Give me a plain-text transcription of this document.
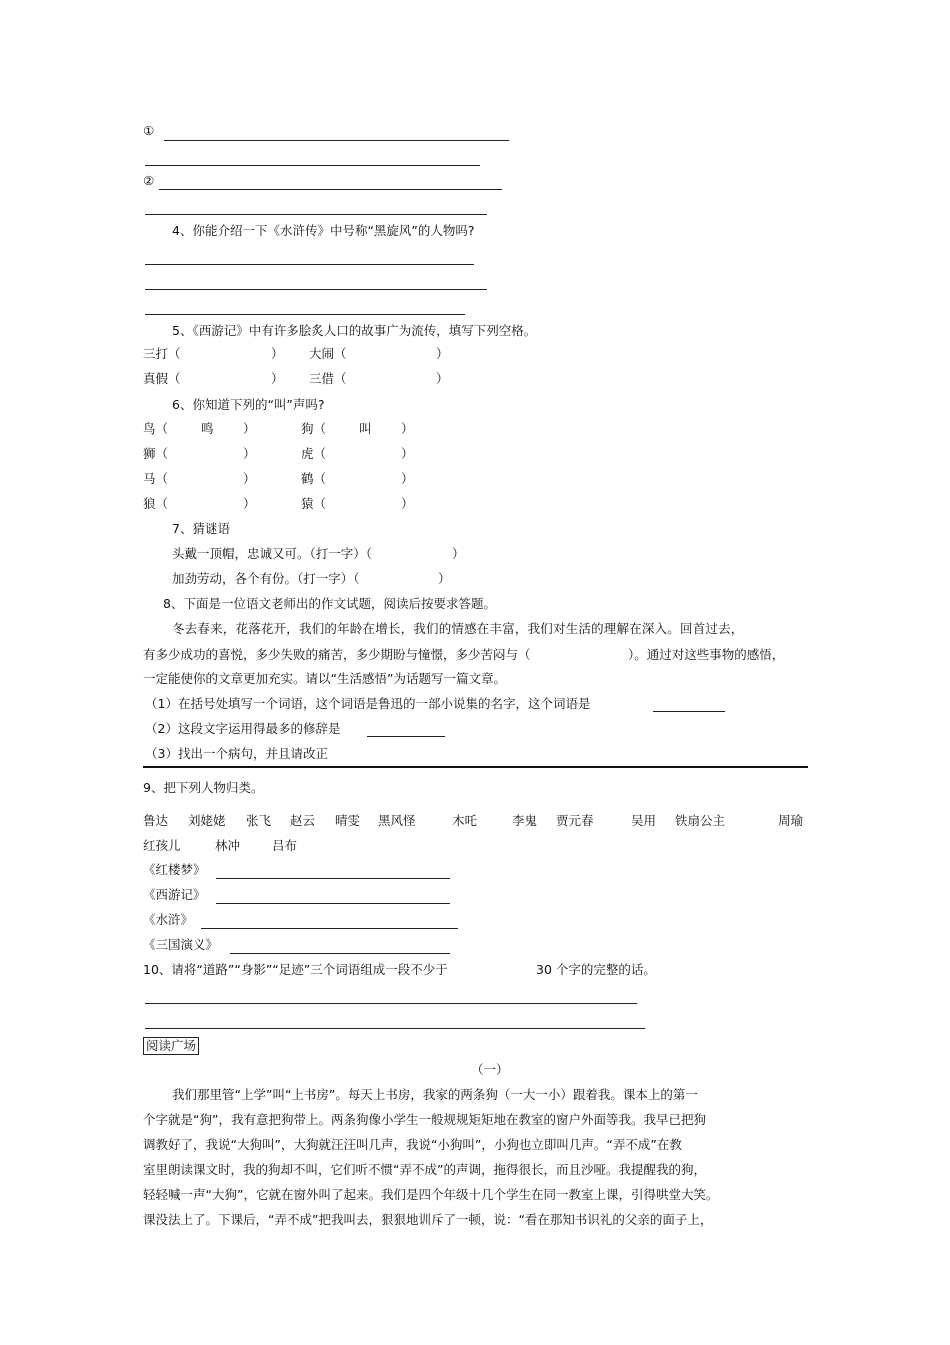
①
②
4、你能介绍一下《水浒传》中号称“黑旋风”的人物吗?
5、《西游记》中有许多脍炙人口的故事广为流传，填写下列空格。
三打（	） 大闹（	）
真假（	） 三借（	）
6、你知道下列的“叫”声吗?
鸟（	鸣 ）	狗（	叫 ）
狮（	）	虎（	）
马（	）	鹤（	）
狼（	）	猿（	）
7、猜谜语
头戴一顶帽，忠诚又可。（打一字）（	）
加劲劳动，各个有份。（打一字）（	）
8、下面是一位语文老师出的作文试题，阅读后按要求答题。
冬去春来，花落花开，我们的年龄在增长，我们的情感在丰富，我们对生活的理解在深入。回首过去，
有多少成功的喜悦，多少失败的痛苦，多少期盼与憧憬，多少苦闷与（	）。通过对这些事物的感悟，
一定能使你的文章更加充实。请以“生活感悟”为话题写一篇文章。
（1）在括号处填写一个词语，这个词语是鲁迅的一部小说集的名字，这个词语是
（2）这段文字运用得最多的修辞是
（3）找出一个病句，并且请改正
9、把下列人物归类。
鲁达 刘姥姥 张飞 赵云 晴雯 黑风怪	木吒	李鬼 贾元春	吴用 铁扇公主	周瑜
红孩儿	林冲	吕布
《红楼梦》
《西游记》
《水浒》
《三国演义》
10、请将“道路”“身影”“足迹”三个词语组成一段不少于	30 个字的完整的话。
阅读广场
（一）
我们那里管“上学”叫“上书房”。每天上书房，我家的两条狗（一大一小）跟着我。课本上的第一
个字就是“狗”，我有意把狗带上。两条狗像小学生一般规规矩矩地在教室的窗户外面等我。我早已把狗
调教好了，我说“大狗叫”，大狗就汪汪叫几声，我说“小狗叫”，小狗也立即叫几声。“弄不成”在教
室里朗读课文时，我的狗却不叫，它们听不惯“弄不成”的声调，拖得很长，而且沙哑。我提醒我的狗，
轻轻喊一声“大狗”，它就在窗外叫了起来。我们是四个年级十几个学生在同一教室上课，引得哄堂大笑。
课没法上了。下课后，“弄不成”把我叫去，狠狠地训斥了一顿，说：“看在那知书识礼的父亲的面子上，
